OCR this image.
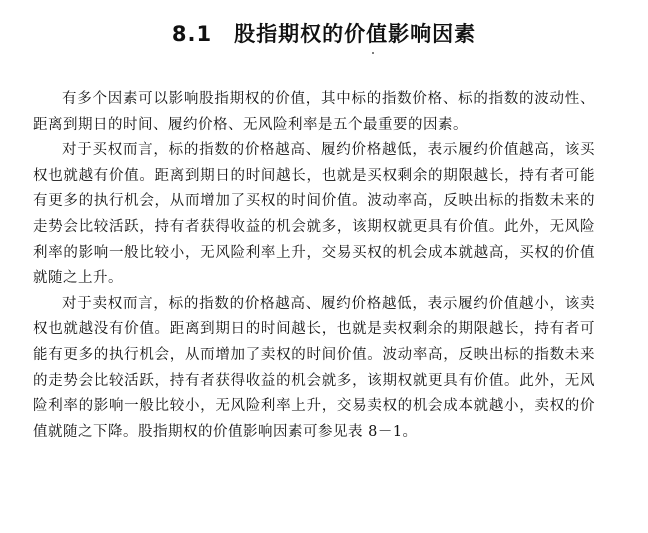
8.1 股指期权的价值影响因素

有多个因素可以影响股指期权的价值，其中标的指数价格、标的指数的波动性、距离到期日的时间、履约价格、无风险利率是五个最重要的因素。

对于买权而言，标的指数的价格越高、履约价格越低，表示履约价值越高，该买权也就越有价值。距离到期日的时间越长，也就是买权剩余的期限越长，持有者可能有更多的执行机会，从而增加了买权的时间价值。波动率高，反映出标的指数未来的走势会比较活跃，持有者获得收益的机会就多，该期权就更具有价值。此外，无风险利率的影响一般比较小，无风险利率上升，交易买权的机会成本就越高，买权的价值就随之上升。

对于卖权而言，标的指数的价格越高、履约价格越低，表示履约价值越小，该卖权也就越没有价值。距离到期日的时间越长，也就是卖权剩余的期限越长，持有者可能有更多的执行机会，从而增加了卖权的时间价值。波动率高，反映出标的指数未来的走势会比较活跃，持有者获得收益的机会就多，该期权就更具有价值。此外，无风险利率的影响一般比较小，无风险利率上升，交易卖权的机会成本就越小，卖权的价值就随之下降。股指期权的价值影响因素可参见表 8－1。
